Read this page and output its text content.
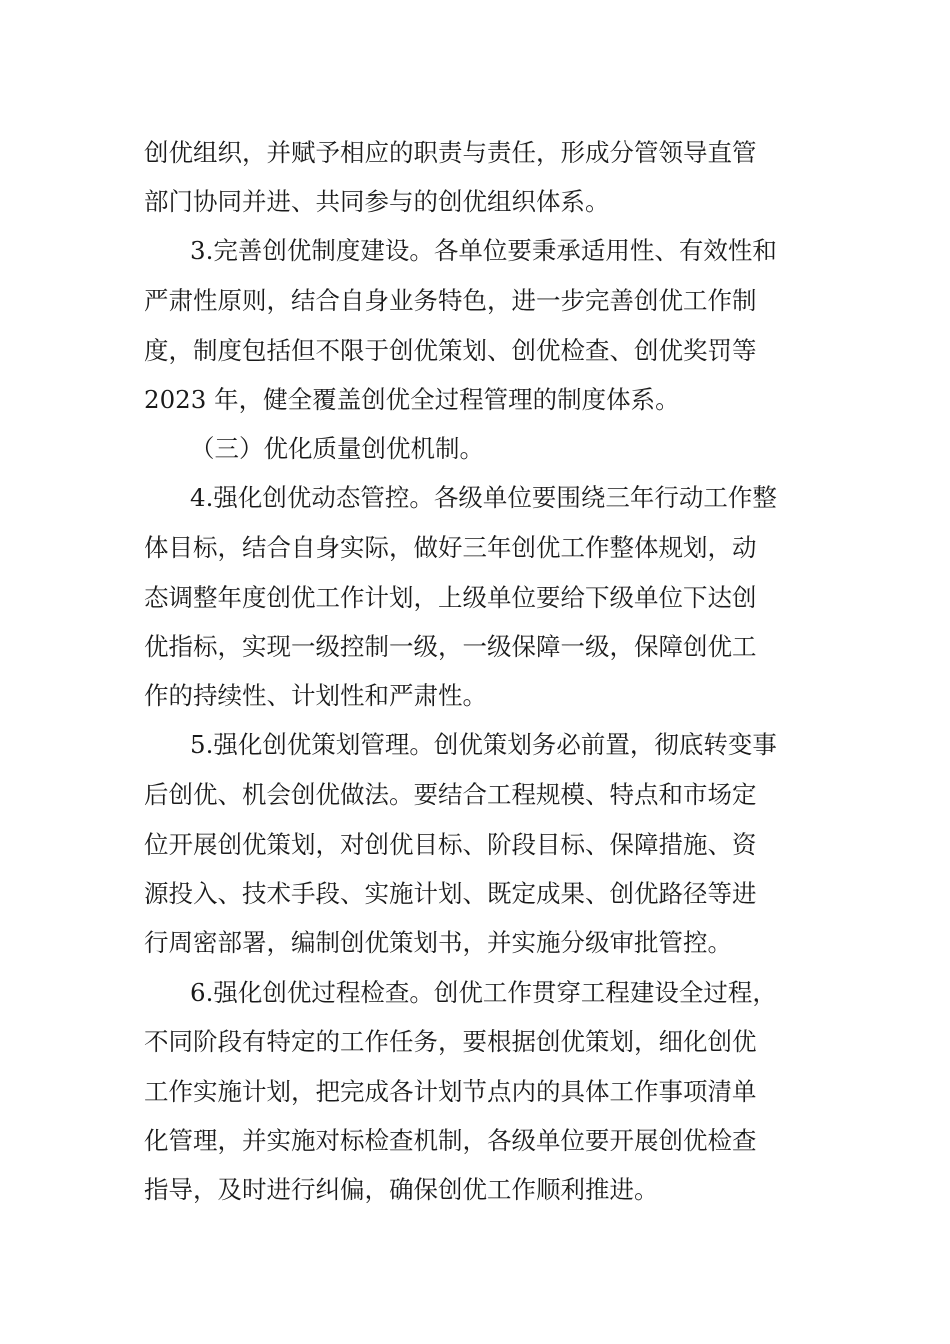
创优组织，并赋予相应的职责与责任，形成分管领导直管
部门协同并进、共同参与的创优组织体系。
3.完善创优制度建设。各单位要秉承适用性、有效性和
严肃性原则，结合自身业务特色，进一步完善创优工作制
度，制度包括但不限于创优策划、创优检查、创优奖罚等
2023 年，健全覆盖创优全过程管理的制度体系。
（三）优化质量创优机制。
4.强化创优动态管控。各级单位要围绕三年行动工作整
体目标，结合自身实际，做好三年创优工作整体规划，动
态调整年度创优工作计划，上级单位要给下级单位下达创
优指标，实现一级控制一级，一级保障一级，保障创优工
作的持续性、计划性和严肃性。
5.强化创优策划管理。创优策划务必前置，彻底转变事
后创优、机会创优做法。要结合工程规模、特点和市场定
位开展创优策划，对创优目标、阶段目标、保障措施、资
源投入、技术手段、实施计划、既定成果、创优路径等进
行周密部署，编制创优策划书，并实施分级审批管控。
6.强化创优过程检查。创优工作贯穿工程建设全过程，
不同阶段有特定的工作任务，要根据创优策划，细化创优
工作实施计划，把完成各计划节点内的具体工作事项清单
化管理，并实施对标检查机制，各级单位要开展创优检查
指导，及时进行纠偏，确保创优工作顺利推进。
